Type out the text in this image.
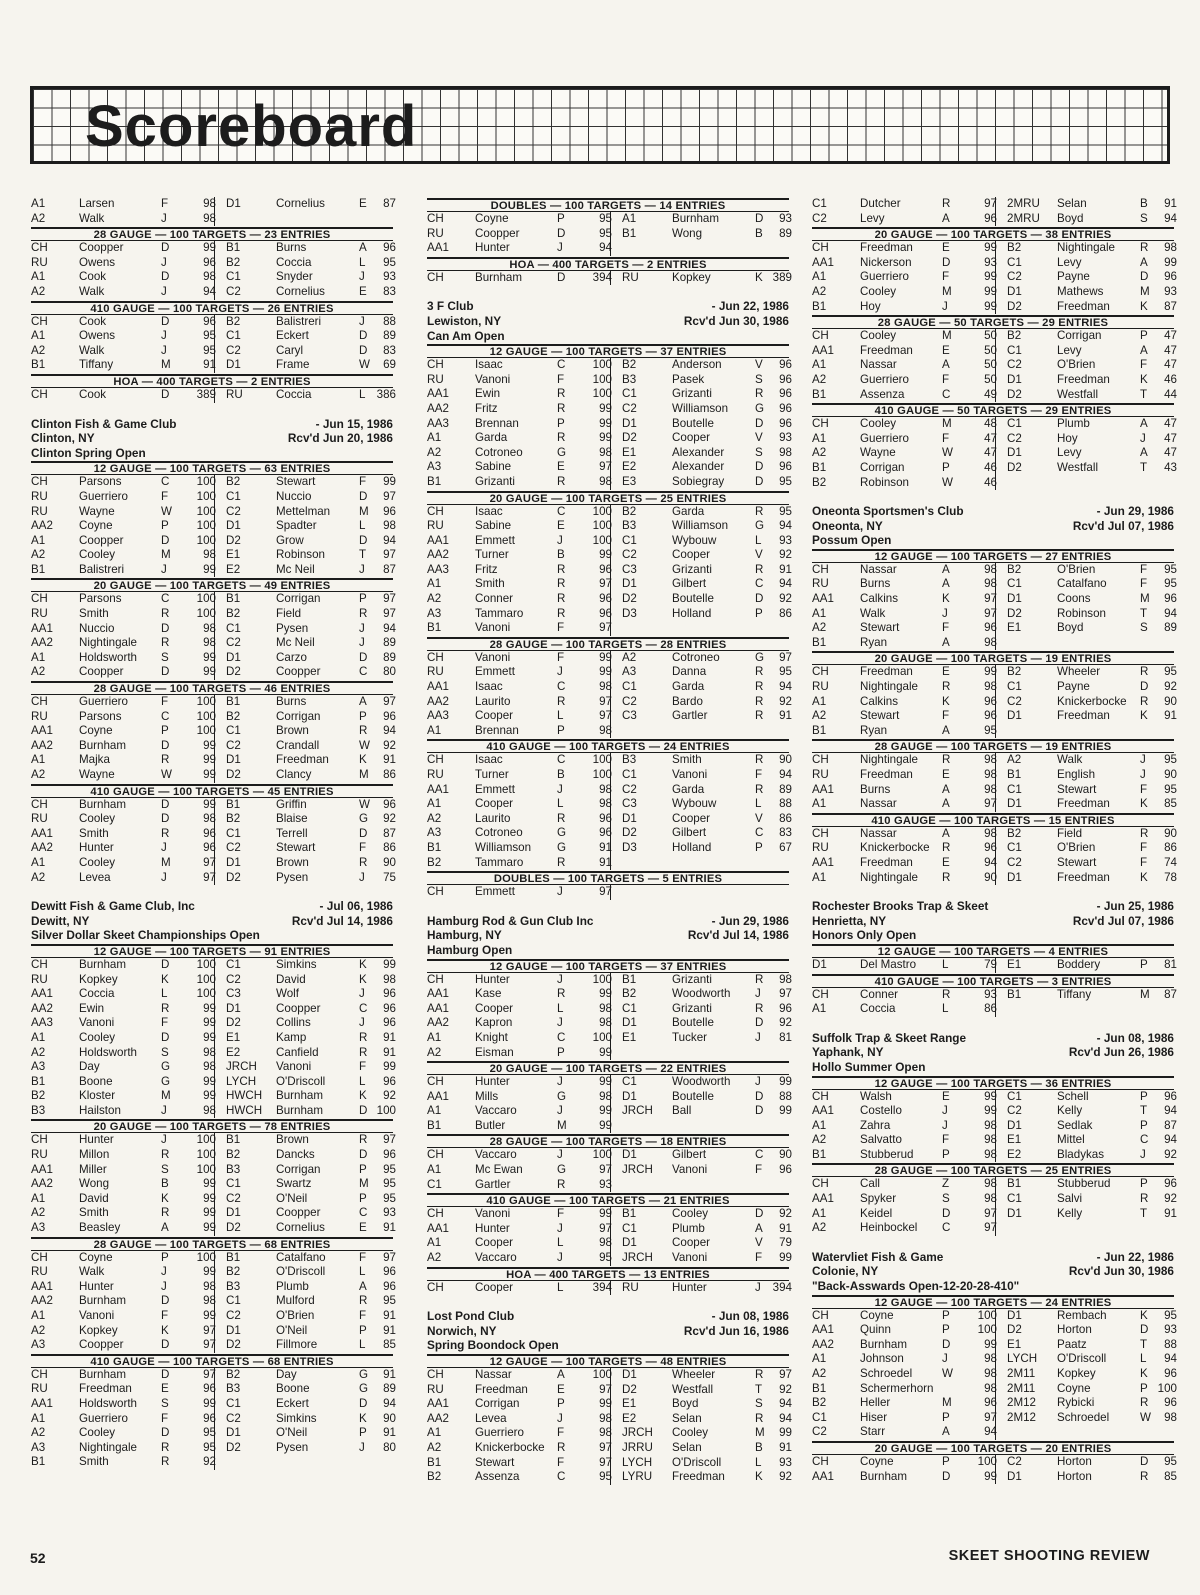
Scoreboard
A1	Larsen	F	98 D1	Cornelius	E	87
A2	Walk	J	98
28 GAUGE — 100 TARGETS — 23 ENTRIES
CH	Coopper	D	99 B1	Burns	A	96
RU	Owens	J	96 B2	Coccia	L	95
A1	Cook	D	98 C1	Snyder	J	93
A2	Walk	J	94 C2	Cornelius	E	83
410 GAUGE — 100 TARGETS — 26 ENTRIES
CH	Cook	D	96 B2	Balistreri	J	88
A1	Owens	J	95 C1	Eckert	D	89
A2	Walk	J	95 C2	Caryl	D	83
B1	Tiffany	M	91 D1	Frame	W	69
HOA — 400 TARGETS — 2 ENTRIES
CH	Cook	D	389 RU	Coccia	L 386
Clinton Fish & Game Club	- Jun 15, 1986
Clinton, NY	Rcv'd Jun 20, 1986
Clinton Spring Open
12 GAUGE — 100 TARGETS — 63 ENTRIES
CH	Parsons	C	100 B2	Stewart	F	99
RU	Guerriero	F	100 C1	Nuccio	D	97
RU	Wayne	W	100 C2	Mettelman M	96
AA2 Coyne	P	100 D1	Spadter	L	98
A1	Coopper	D	100 D2	Grow	D	94
A2	Cooley	M	98 E1	Robinson	T	97
B1	Balistreri	J	99 E2	Mc Neil	J	87
20 GAUGE — 100 TARGETS — 49 ENTRIES
CH	Parsons	C	100 B1	Corrigan	P	97
RU	Smith	R	100 B2	Field	R	97
AA1 Nuccio	D	98 C1	Pysen	J	94
AA2 Nightingale R	98 C2	Mc Neil	J	89
A1	Holdsworth S	99 D1	Carzo	D	89
A2	Coopper	D	99 D2	Coopper	C	80
28 GAUGE — 100 TARGETS — 46 ENTRIES
CH	Guerriero	F	100 B1	Burns	A	97
RU	Parsons	C	100 B2	Corrigan	P	96
AA1 Coyne	P	100 C1	Brown	R	94
AA2 Burnham	D	99 C2	Crandall	W	92
A1	Majka	R	99 D1	Freedman	K	91
A2	Wayne	W	99 D2	Clancy	M	86
410 GAUGE — 100 TARGETS — 45 ENTRIES
CH	Burnham	D	99 B1	Griffin	W	96
RU	Cooley	D	98 B2	Blaise	G	92
AA1 Smith	R	96 C1	Terrell	D	87
AA2 Hunter	J	96 C2	Stewart	F	86
A1	Cooley	M	97 D1	Brown	R	90
A2	Levea	J	97 D2	Pysen	J	75
Dewitt Fish & Game Club, Inc	- Jul 06, 1986
Dewitt, NY	Rcv'd Jul 14, 1986
Silver Dollar Skeet Championships Open
12 GAUGE — 100 TARGETS — 91 ENTRIES
CH	Burnham	D	100 C1	Simkins	K	99
RU	Kopkey	K	100 C2	David	K	98
AA1 Coccia	L	100 C3	Wolf	J	96
AA2 Ewin	R	99 D1	Coopper	C	96
AA3 Vanoni	F	99 D2	Collins	J	96
A1	Cooley	D	99 E1	Kamp	R	91
A2	Holdsworth S	98 E2	Canfield	R	91
A3	Day	G	98 JRCH Vanoni	F	99
B1	Boone	G	99 LYCH O'Driscoll	L	96
B2	Kloster	M	99 HWCH Burnham	K	92
B3	Hailston	J	98 HWCH Burnham	D 100
20 GAUGE — 100 TARGETS — 78 ENTRIES
CH	Hunter	J	100 B1	Brown	R	97
RU	Millon	R	100 B2	Dancks	D	96
AA1 Miller	S	100 B3	Corrigan	P	95
AA2 Wong	B	99 C1	Swartz	M	95
A1	David	K	99 C2	O'Neil	P	95
A2	Smith	R	99 D1	Coopper	C	93
A3	Beasley	A	99 D2	Cornelius	E	91
28 GAUGE — 100 TARGETS — 68 ENTRIES
CH	Coyne	P	100 B1	Catalfano	F	97
RU	Walk	J	99 B2	O'Driscoll	L	96
AA1 Hunter	J	98 B3	Plumb	A	96
AA2 Burnham	D	98 C1	Mulford	R	95
A1	Vanoni	F	99 C2	O'Brien	F	91
A2	Kopkey	K	97 D1	O'Neil	P	91
A3	Coopper	D	97 D2	Fillmore	L	85
410 GAUGE — 100 TARGETS — 68 ENTRIES
CH	Burnham	D	97 B2	Day	G	91
RU	Freedman	E	96 B3	Boone	G	89
AA1 Holdsworth S	99 C1	Eckert	D	94
A1	Guerriero	F	96 C2	Simkins	K	90
A2	Cooley	D	95 D1	O'Neil	P	91
A3	Nightingale R	95 D2	Pysen	J	80
B1	Smith	R	92
DOUBLES — 100 TARGETS — 14 ENTRIES
CH	Coyne	P	95 A1	Burnham	D	93
RU	Coopper	D	95 B1	Wong	B	89
AA1 Hunter	J	94
HOA — 400 TARGETS — 2 ENTRIES
CH	Burnham	D	394 RU	Kopkey	K 389
3 F Club	- Jun 22, 1986
Lewiston, NY	Rcv'd Jun 30, 1986
Can Am Open
12 GAUGE — 100 TARGETS — 37 ENTRIES
CH	Isaac	C	100 B2	Anderson	V	96
RU	Vanoni	F	100 B3	Pasek	S	96
AA1 Ewin	R	100 C1	Grizanti	R	96
AA2 Fritz	R	99 C2	Williamson G	96
AA3 Brennan	P	99 D1	Boutelle	D	96
A1	Garda	R	99 D2	Cooper	V	93
A2	Cotroneo	G	98 E1	Alexander	S	98
A3	Sabine	E	97 E2	Alexander	D	96
B1	Grizanti	R	98 E3	Sobiegray	D	95
20 GAUGE — 100 TARGETS — 25 ENTRIES
CH	Isaac	C	100 B2	Garda	R	95
RU	Sabine	E	100 B3	Williamson G	94
AA1 Emmett	J	100 C1	Wybouw	L	93
AA2 Turner	B	99 C2	Cooper	V	92
AA3 Fritz	R	96 C3	Grizanti	R	91
A1	Smith	R	97 D1	Gilbert	C	94
A2	Conner	R	96 D2	Boutelle	D	92
A3	Tammaro	R	96 D3	Holland	P	86
B1	Vanoni	F	97
28 GAUGE — 100 TARGETS — 28 ENTRIES
CH	Vanoni	F	99 A2	Cotroneo	G	97
RU	Emmett	J	99 A3	Danna	R	95
AA1 Isaac	C	98 C1	Garda	R	94
AA2 Laurito	R	97 C2	Bardo	R	92
AA3 Cooper	L	97 C3	Gartler	R	91
A1	Brennan	P	98
410 GAUGE — 100 TARGETS — 24 ENTRIES
CH	Isaac	C	100 B3	Smith	R	90
RU	Turner	B	100 C1	Vanoni	F	94
AA1 Emmett	J	98 C2	Garda	R	89
A1	Cooper	L	98 C3	Wybouw	L	88
A2	Laurito	R	96 D1	Cooper	V	86
A3	Cotroneo	G	96 D2	Gilbert	C	83
B1	Williamson G	91 D3	Holland	P	67
B2	Tammaro	R	91
DOUBLES — 100 TARGETS — 5 ENTRIES
CH	Emmett	J	97
Hamburg Rod & Gun Club Inc	- Jun 29, 1986
Hamburg, NY	Rcv'd Jul 14, 1986
Hamburg Open
12 GAUGE — 100 TARGETS — 37 ENTRIES
CH	Hunter	J	100 B1	Grizanti	R	98
AA1 Kase	R	99 B2	Woodworth J	97
AA1 Cooper	L	98 C1	Grizanti	R	96
AA2 Kapron	J	98 D1	Boutelle	D	92
A1	Knight	C	100 E1	Tucker	J	81
A2	Eisman	P	99
20 GAUGE — 100 TARGETS — 22 ENTRIES
CH	Hunter	J	99 C1	Woodworth J	99
AA1 Mills	G	98 D1	Boutelle	D	88
A1	Vaccaro	J	99 JRCH Ball	D	99
B1	Butler	M	99
28 GAUGE — 100 TARGETS — 18 ENTRIES
CH	Vaccaro	J	100 D1	Gilbert	C	90
A1	Mc Ewan	G	97 JRCH Vanoni	F	96
C1	Gartler	R	93
410 GAUGE — 100 TARGETS — 21 ENTRIES
CH	Vanoni	F	99 B1	Cooley	D	92
AA1 Hunter	J	97 C1	Plumb	A	91
A1	Cooper	L	98 D1	Cooper	V	79
A2	Vaccaro	J	95 JRCH Vanoni	F	99
HOA — 400 TARGETS — 13 ENTRIES
CH	Cooper	L	394 RU	Hunter	J 394
Lost Pond Club	- Jun 08, 1986
Norwich, NY	Rcv'd Jun 16, 1986
Spring Boondock Open
12 GAUGE — 100 TARGETS — 48 ENTRIES
CH	Nassar	A	100 D1	Wheeler	R	97
RU	Freedman	E	97 D2	Westfall	T	92
AA1 Corrigan	P	99 E1	Boyd	S	94
AA2 Levea	J	98 E2	Selan	R	94
A1	Guerriero	F	98 JRCH Cooley	M	99
A2	Knickerbocke R	97 JRRU Selan	B	91
B1	Stewart	F	97 LYCH O'Driscoll	L	93
B2	Assenza	C	95 LYRU Freedman	K	92
C1	Dutcher	R	97 2MRU Selan	B	91
C2	Levy	A	96 2MRU Boyd	S	94
20 GAUGE — 100 TARGETS — 38 ENTRIES
CH	Freedman	E	99 B2	Nightingale R	98
AA1 Nickerson	D	93 C1	Levy	A	99
A1	Guerriero	F	99 C2	Payne	D	96
A2	Cooley	M	99 D1	Mathews	M	93
B1	Hoy	J	99 D2	Freedman	K	87
28 GAUGE — 50 TARGETS — 29 ENTRIES
CH	Cooley	M	50 B2	Corrigan	P	47
AA1 Freedman	E	50 C1	Levy	A	47
A1	Nassar	A	50 C2	O'Brien	F	47
A2	Guerriero	F	50 D1	Freedman	K	46
B1	Assenza	C	49 D2	Westfall	T	44
410 GAUGE — 50 TARGETS — 29 ENTRIES
CH	Cooley	M	48 C1	Plumb	A	47
A1	Guerriero	F	47 C2	Hoy	J	47
A2	Wayne	W	47 D1	Levy	A	47
B1	Corrigan	P	46 D2	Westfall	T	43
B2	Robinson	W	46
Oneonta Sportsmen's Club	- Jun 29, 1986
Oneonta, NY	Rcv'd Jul 07, 1986
Possum Open
12 GAUGE — 100 TARGETS — 27 ENTRIES
CH	Nassar	A	98 B2	O'Brien	F	95
RU	Burns	A	98 C1	Catalfano	F	95
AA1 Calkins	K	97 D1	Coons	M	96
A1	Walk	J	97 D2	Robinson	T	94
A2	Stewart	F	96 E1	Boyd	S	89
B1	Ryan	A	98
20 GAUGE — 100 TARGETS — 19 ENTRIES
CH	Freedman	E	99 B2	Wheeler	R	95
RU	Nightingale R	98 C1	Payne	D	92
A1	Calkins	K	96 C2	Knickerbocke R	90
A2	Stewart	F	96 D1	Freedman	K	91
B1	Ryan	A	95
28 GAUGE — 100 TARGETS — 19 ENTRIES
CH	Nightingale R	98 A2	Walk	J	95
RU	Freedman	E	98 B1	English	J	90
AA1 Burns	A	98 C1	Stewart	F	95
A1	Nassar	A	97 D1	Freedman	K	85
410 GAUGE — 100 TARGETS — 15 ENTRIES
CH	Nassar	A	98 B2	Field	R	90
RU	Knickerbocke R	96 C1	O'Brien	F	86
AA1 Freedman	E	94 C2	Stewart	F	74
A1	Nightingale R	90 D1	Freedman	K	78
Rochester Brooks Trap & Skeet	- Jun 25, 1986
Henrietta, NY	Rcv'd Jul 07, 1986
Honors Only Open
12 GAUGE — 100 TARGETS — 4 ENTRIES
D1	Del Mastro L	79 E1	Boddery	P	81
410 GAUGE — 100 TARGETS — 3 ENTRIES
CH	Conner	R	93 B1	Tiffany	M	87
A1	Coccia	L	86
Suffolk Trap & Skeet Range	- Jun 08, 1986
Yaphank, NY	Rcv'd Jun 26, 1986
Hollo Summer Open
12 GAUGE — 100 TARGETS — 36 ENTRIES
CH	Walsh	E	99 C1	Schell	P	96
AA1 Costello	J	99 C2	Kelly	T	94
A1	Zahra	J	98 D1	Sedlak	P	87
A2	Salvatto	F	98 E1	Mittel	C	94
B1	Stubberud P	98 E2	Bladykas	J	92
28 GAUGE — 100 TARGETS — 25 ENTRIES
CH	Call	Z	98 B1	Stubberud	P	96
AA1 Spyker	S	98 C1	Salvi	R	92
A1	Keidel	D	97 D1	Kelly	T	91
A2	Heinbockel C	97
Watervliet Fish & Game	- Jun 22, 1986
Colonie, NY	Rcv'd Jun 30, 1986
"Back-Asswards Open-12-20-28-410"
12 GAUGE — 100 TARGETS — 24 ENTRIES
CH	Coyne	P	100 D1	Rembach	K	95
AA1 Quinn	P	100 D2	Horton	D	93
AA2 Burnham	D	99 E1	Paatz	T	88
A1	Johnson	J	98 LYCH O'Driscoll	L	94
A2	Schroedel	W	98 2M11 Kopkey	K	96
B1	Schermerhorn	98 2M11 Coyne	P 100
B2	Heller	M	96 2M12 Rybicki	R	96
C1	Hiser	P	97 2M12 Schroedel	W	98
C2	Starr	A	94
20 GAUGE — 100 TARGETS — 20 ENTRIES
CH	Coyne	P	100 C2	Horton	D	95
AA1 Burnham	D	99 D1	Horton	R	85
52	SKEET SHOOTING REVIEW
